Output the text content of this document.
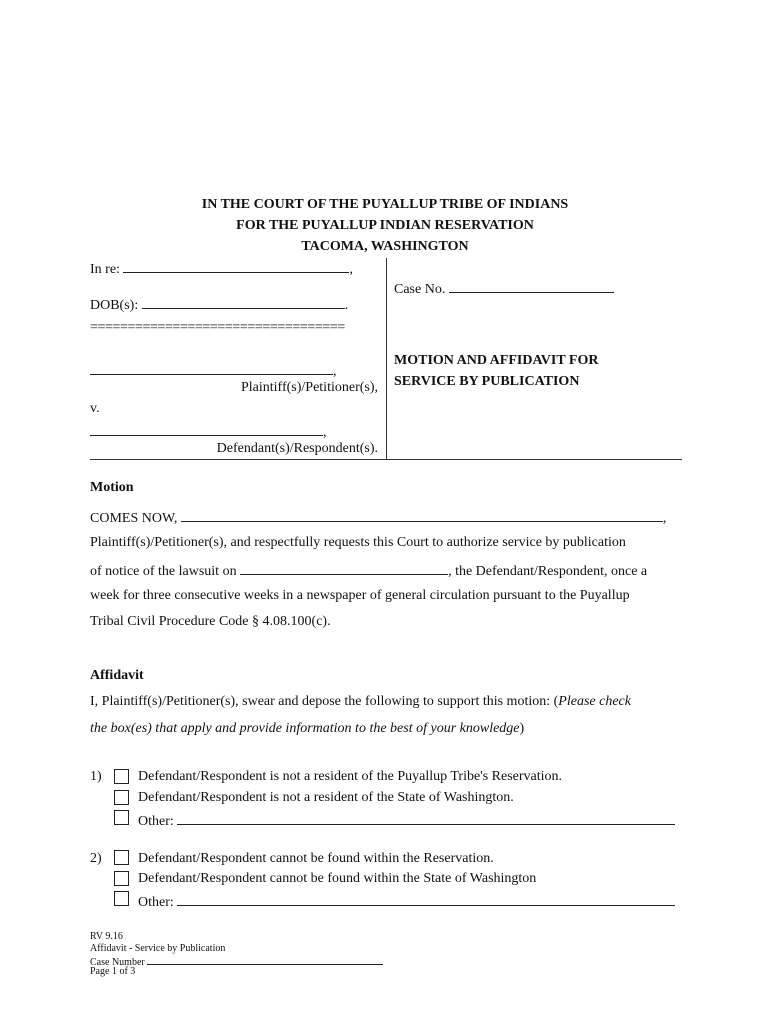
IN THE COURT OF THE PUYALLUP TRIBE OF INDIANS
FOR THE PUYALLUP INDIAN RESERVATION
TACOMA, WASHINGTON
In re:	,
DOB(s):	.
==================================
,
Plaintiff(s)/Petitioner(s),
v.
,
Defendant(s)/Respondent(s).
Case No.
MOTION AND AFFIDAVIT FOR
SERVICE BY PUBLICATION
Motion
COMES NOW,	,
Plaintiff(s)/Petitioner(s), and respectfully requests this Court to authorize service by publication
of notice of the lawsuit on	, the Defendant/Respondent, once a
week for three consecutive weeks in a newspaper of general circulation pursuant to the Puyallup
Tribal Civil Procedure Code § 4.08.100(c).
Affidavit
I, Plaintiff(s)/Petitioner(s), swear and depose the following to support this motion: (Please check
the box(es) that apply and provide information to the best of your knowledge)
1)	Defendant/Respondent is not a resident of the Puyallup Tribe's Reservation.
Defendant/Respondent is not a resident of the State of Washington.
Other:
2)	Defendant/Respondent cannot be found within the Reservation.
Defendant/Respondent cannot be found within the State of Washington
Other:
RV 9.16
Affidavit - Service by Publication
Case Number
Page 1 of 3
